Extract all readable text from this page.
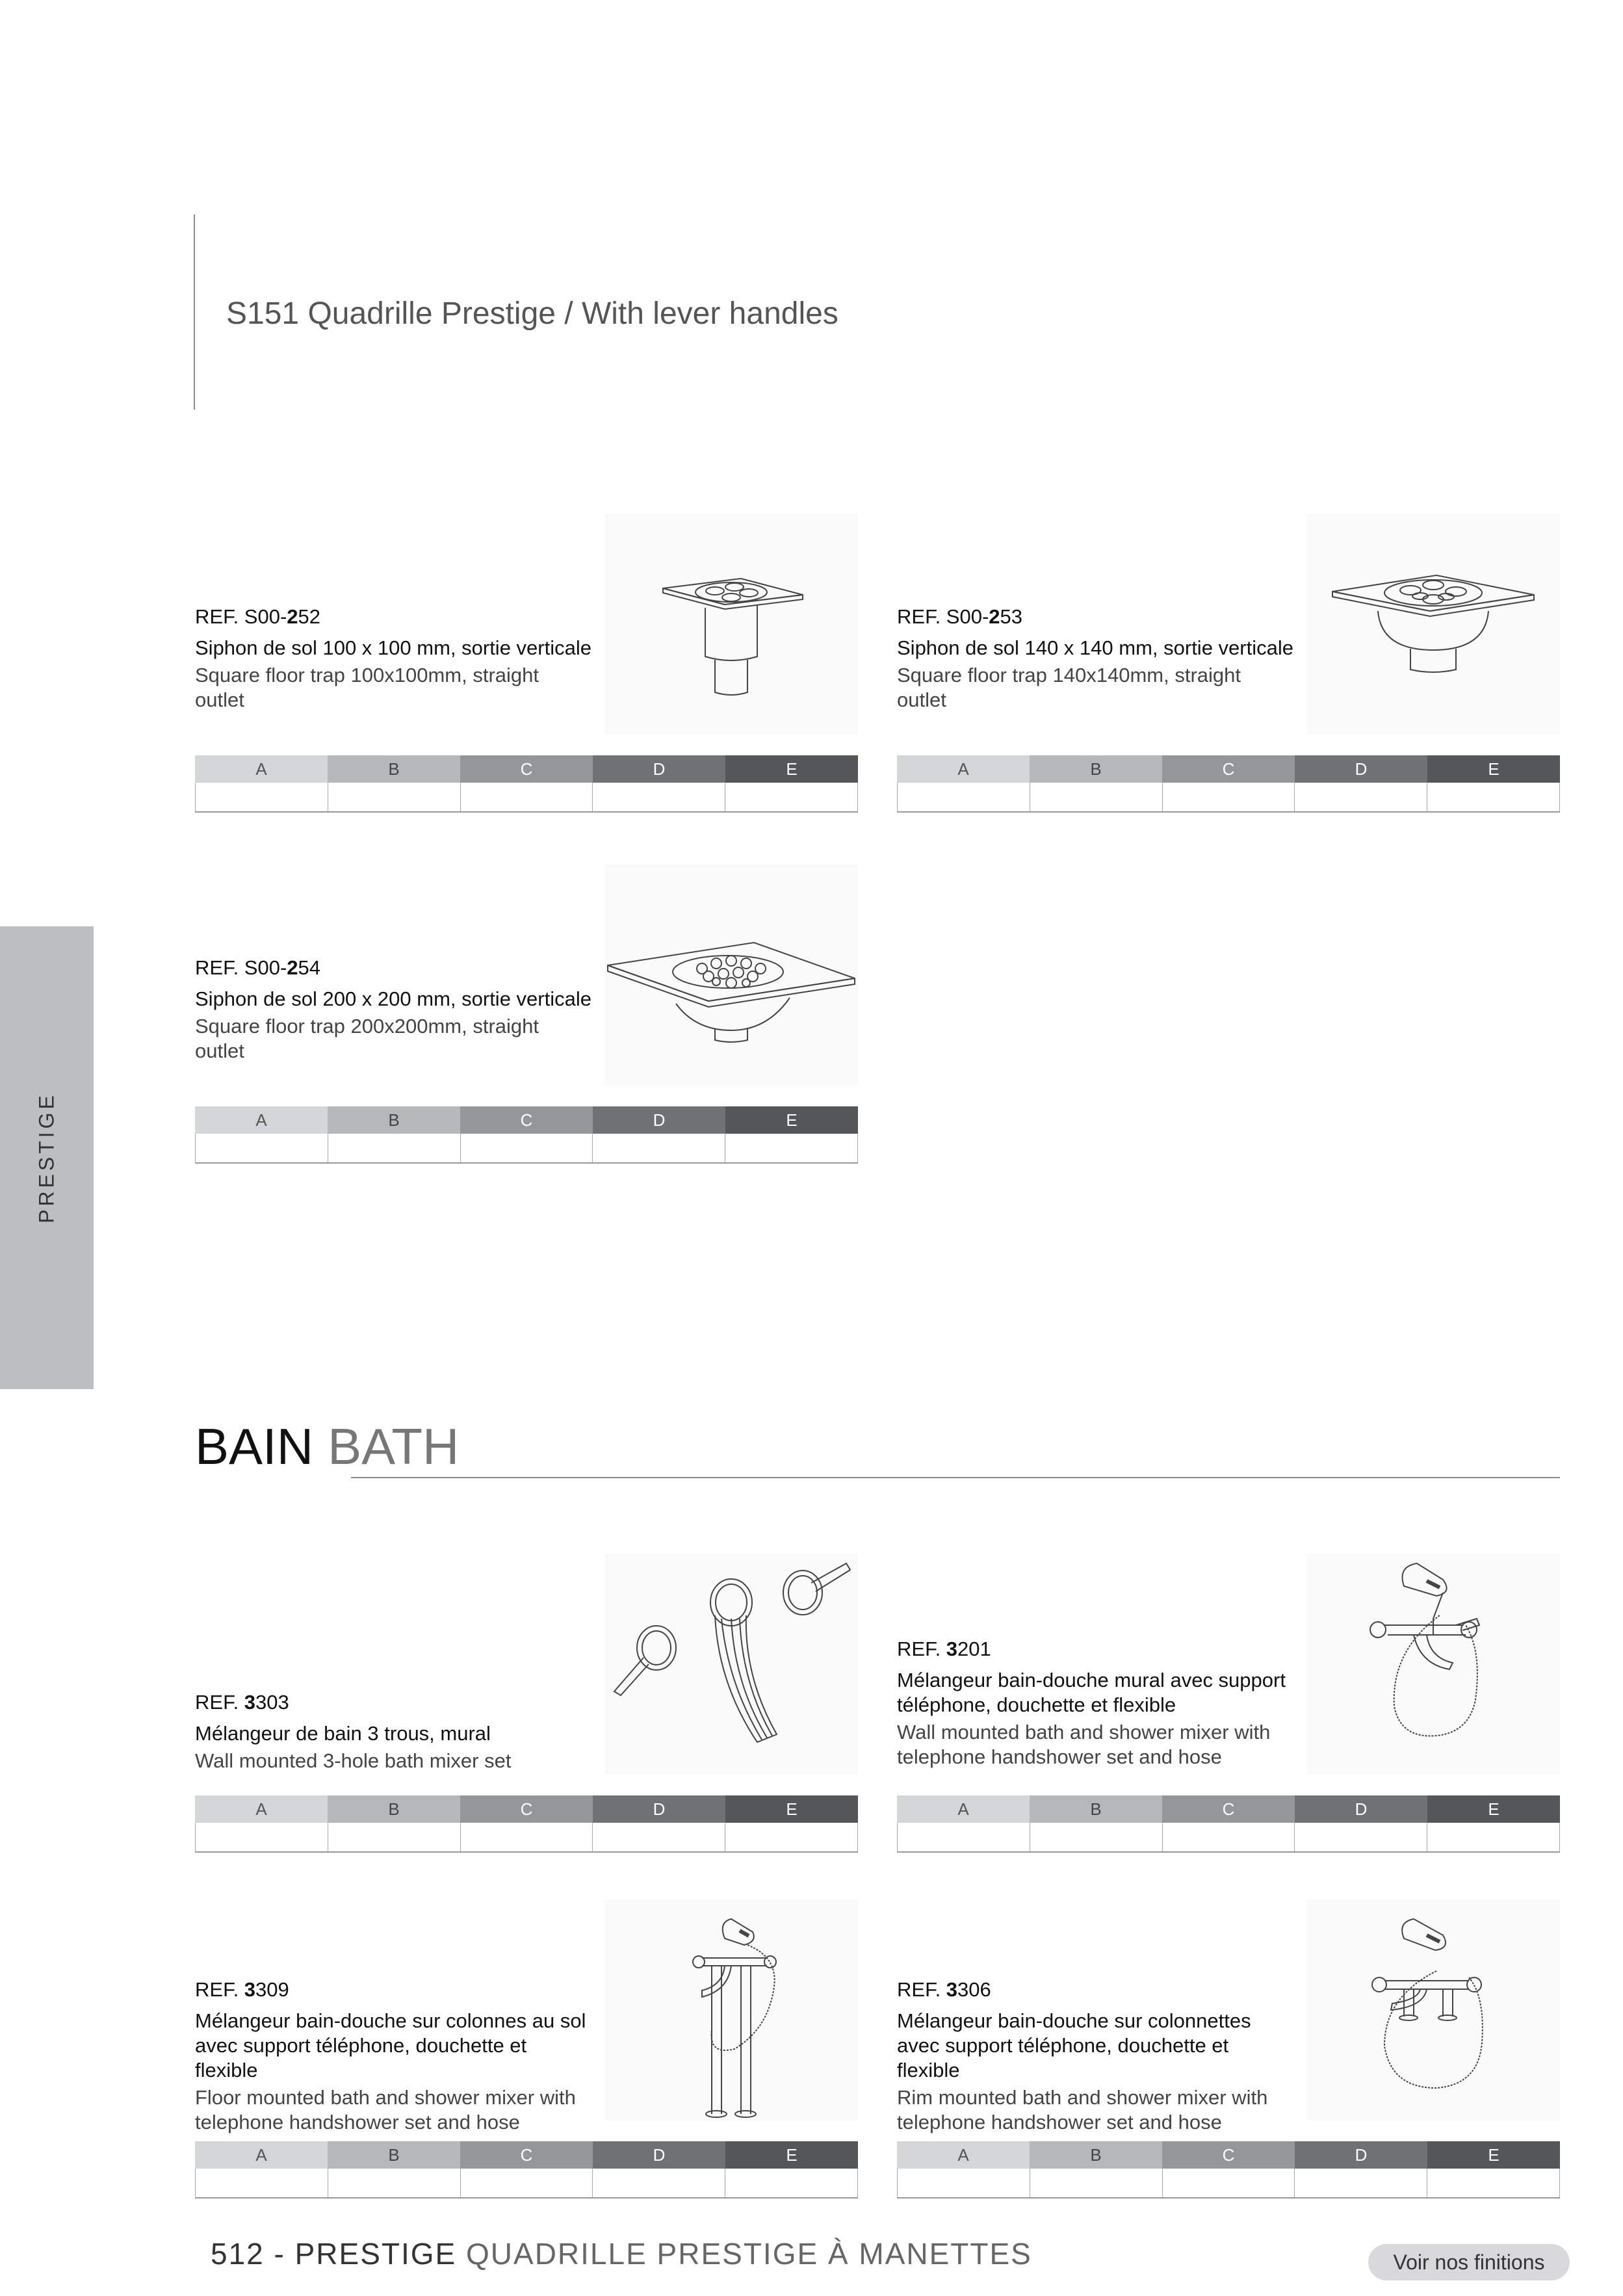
S151 Quadrille Prestige / With lever handles
PRESTIGE
REF. S00-252
Siphon de sol 100 x 100 mm, sortie verticale
Square floor trap 100x100mm, straight outlet
A	B	C	D	E
REF. S00-253
Siphon de sol 140 x 140 mm, sortie verticale
Square floor trap 140x140mm, straight outlet
A	B	C	D	E
REF. S00-254
Siphon de sol 200 x 200 mm, sortie verticale
Square floor trap 200x200mm, straight outlet
A	B	C	D	E
BAIN BATH
REF. 3303
Mélangeur de bain 3 trous, mural
Wall mounted 3-hole bath mixer set
A	B	C	D	E
REF. 3201
Mélangeur bain-douche mural avec support téléphone, douchette et flexible
Wall mounted bath and shower mixer with telephone handshower set and hose
A	B	C	D	E
REF. 3309
Mélangeur bain-douche sur colonnes au sol avec support téléphone, douchette et flexible
Floor mounted bath and shower mixer with telephone handshower set and hose
A	B	C	D	E
REF. 3306
Mélangeur bain-douche sur colonnettes avec support téléphone, douchette et flexible
Rim mounted bath and shower mixer with telephone handshower set and hose
A	B	C	D	E
512 - PRESTIGE QUADRILLE PRESTIGE À MANETTES	Voir nos finitions
